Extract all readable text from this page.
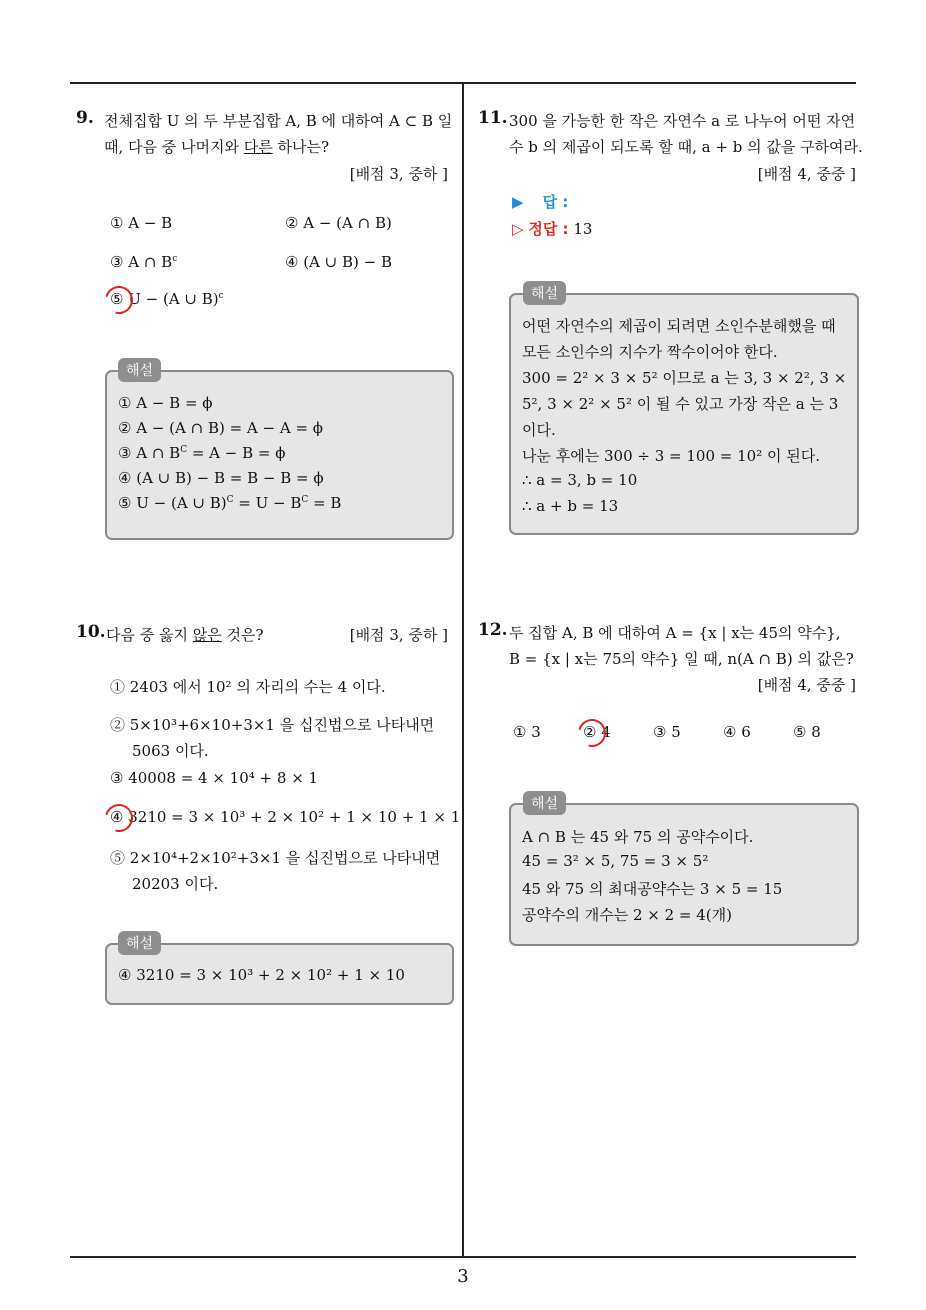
9. 전체집합 U 의 두 부분집합 A, B 에 대하여 A ⊂ B 일
때, 다음 중 나머지와 다른 하나는?
[배점 3, 중하 ]
① A − B	② A − (A ∩ B)
③ A ∩ $B^c$	④ (A ∪ B) − B
⑤ U − (A ∪ B)$^c$
해설
① A − B = ϕ
② A − (A ∩ B) = A − A = ϕ
③ A ∩ $B^C = A - B = \phi$
④ (A ∪ B) − B = B − B = ϕ
⑤ U − (A ∪ $B)^C = U - B^C = B$
10. 다음 중 옳지 않은 것은?	[배점 3, 중하 ]
① 2403 에서 10² 의 자리의 수는 4 이다.
② 5×10³+6×10+3×1 을 십진법으로 나타내면
5063 이다.
③ 40008 = 4 × 10⁴ + 8 × 1
④ 3210 = 3 × 10³ + 2 × 10² + 1 × 10 + 1 × 1
⑤ 2×10⁴+2×10²+3×1 을 십진법으로 나타내면
20203 이다.
해설
④ 3210 = 3 × 10³ + 2 × 10² + 1 × 10
11. 300 을 가능한 한 작은 자연수 a 로 나누어 어떤 자연
수 b 의 제곱이 되도록 할 때, a + b 의 값을 구하여라.
[배점 4, 중중 ]
▶ 답 :
▷ 정답 : 13
해설
어떤 자연수의 제곱이 되려면 소인수분해했을 때
모든 소인수의 지수가 짝수이어야 한다.
300 = 2² × 3 × 5² 이므로 a 는 3, 3 × 2², 3 ×
5², 3 × 2² × 5² 이 될 수 있고 가장 작은 a 는 3
이다.
나눈 후에는 300 ÷ 3 = 100 = 10² 이 된다.
∴ a = 3, b = 10
∴ a + b = 13
12. 두 집합 A, B 에 대하여 A = {x | x는 45의 약수},
B = {x | x는 75의 약수} 일 때, n(A ∩ B) 의 값은?
[배점 4, 중중 ]
① 3	② 4	③ 5	④ 6	⑤ 8
해설
A ∩ B 는 45 와 75 의 공약수이다.
45 = 3² × 5, 75 = 3 × 5²
45 와 75 의 최대공약수는 3 × 5 = 15
공약수의 개수는 2 × 2 = 4(개)
3
